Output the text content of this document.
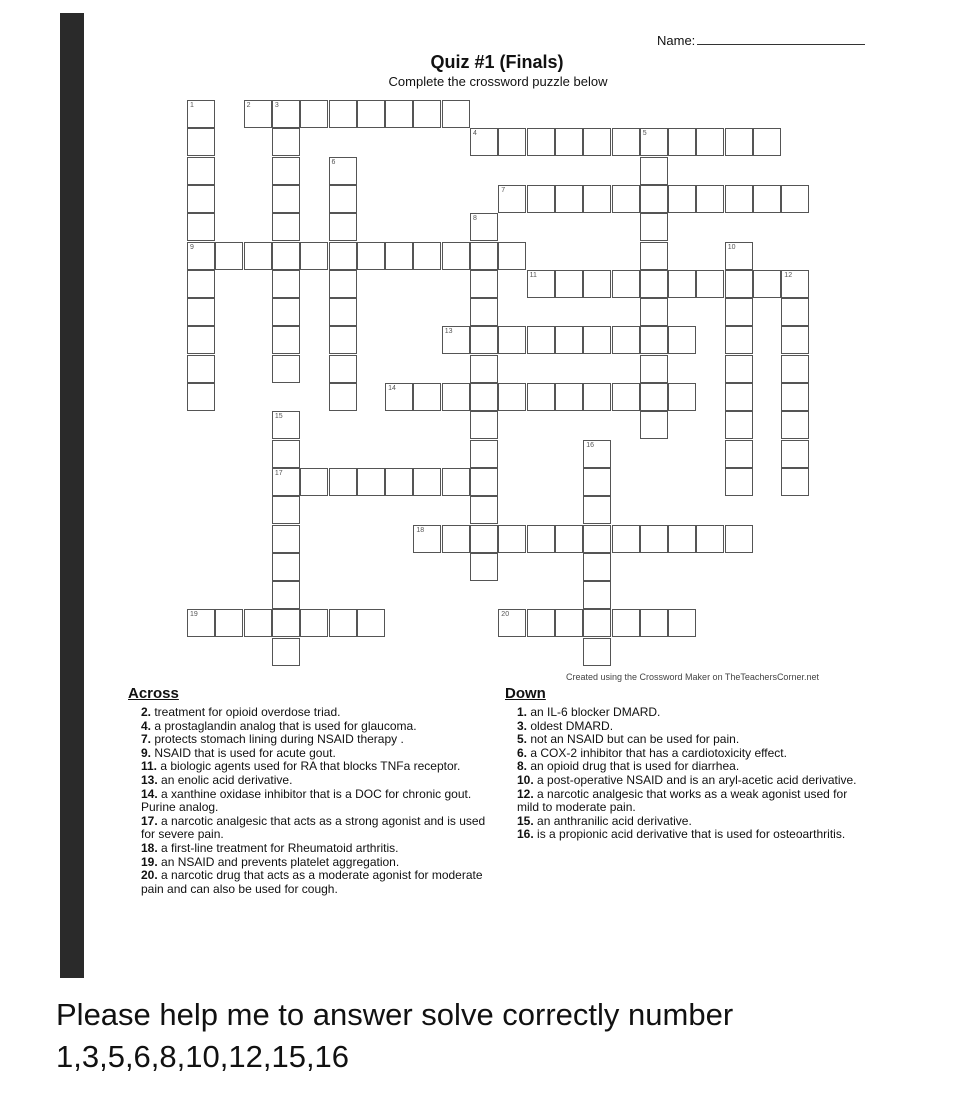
Name:
Quiz #1 (Finals)
Complete the crossword puzzle below
1
9
2	3
4	5
6
7
8
10
11	12
13
14
15
17
16
18
19	20
Created using the Crossword Maker on TheTeachersCorner.net
Across

2. treatment for opioid overdose triad.

4. a prostaglandin analog that is used for glaucoma.

7. protects stomach lining during NSAID therapy .

9. NSAID that is used for acute gout.

11. a biologic agents used for RA that blocks TNFa receptor.

13. an enolic acid derivative.

14. a xanthine oxidase inhibitor that is a DOC for chronic gout. Purine analog.

17. a narcotic analgesic that acts as a strong agonist and is used for severe pain.

18. a first-line treatment for Rheumatoid arthritis.

19. an NSAID and prevents platelet aggregation.

20. a narcotic drug that acts as a moderate agonist for moderate pain and can also be used for cough.

Down

1. an IL-6 blocker DMARD.

3. oldest DMARD.

5. not an NSAID but can be used for pain.

6. a COX-2 inhibitor that has a cardiotoxicity effect.

8. an opioid drug that is used for diarrhea.

10. a post-operative NSAID and is an aryl-acetic acid derivative.

12. a narcotic analgesic that works as a weak agonist used for mild to moderate pain.

15. an anthranilic acid derivative.

16. is a propionic acid derivative that is used for osteoarthritis.

Please help me to answer solve correctly number 1,3,5,6,8,10,12,15,16
